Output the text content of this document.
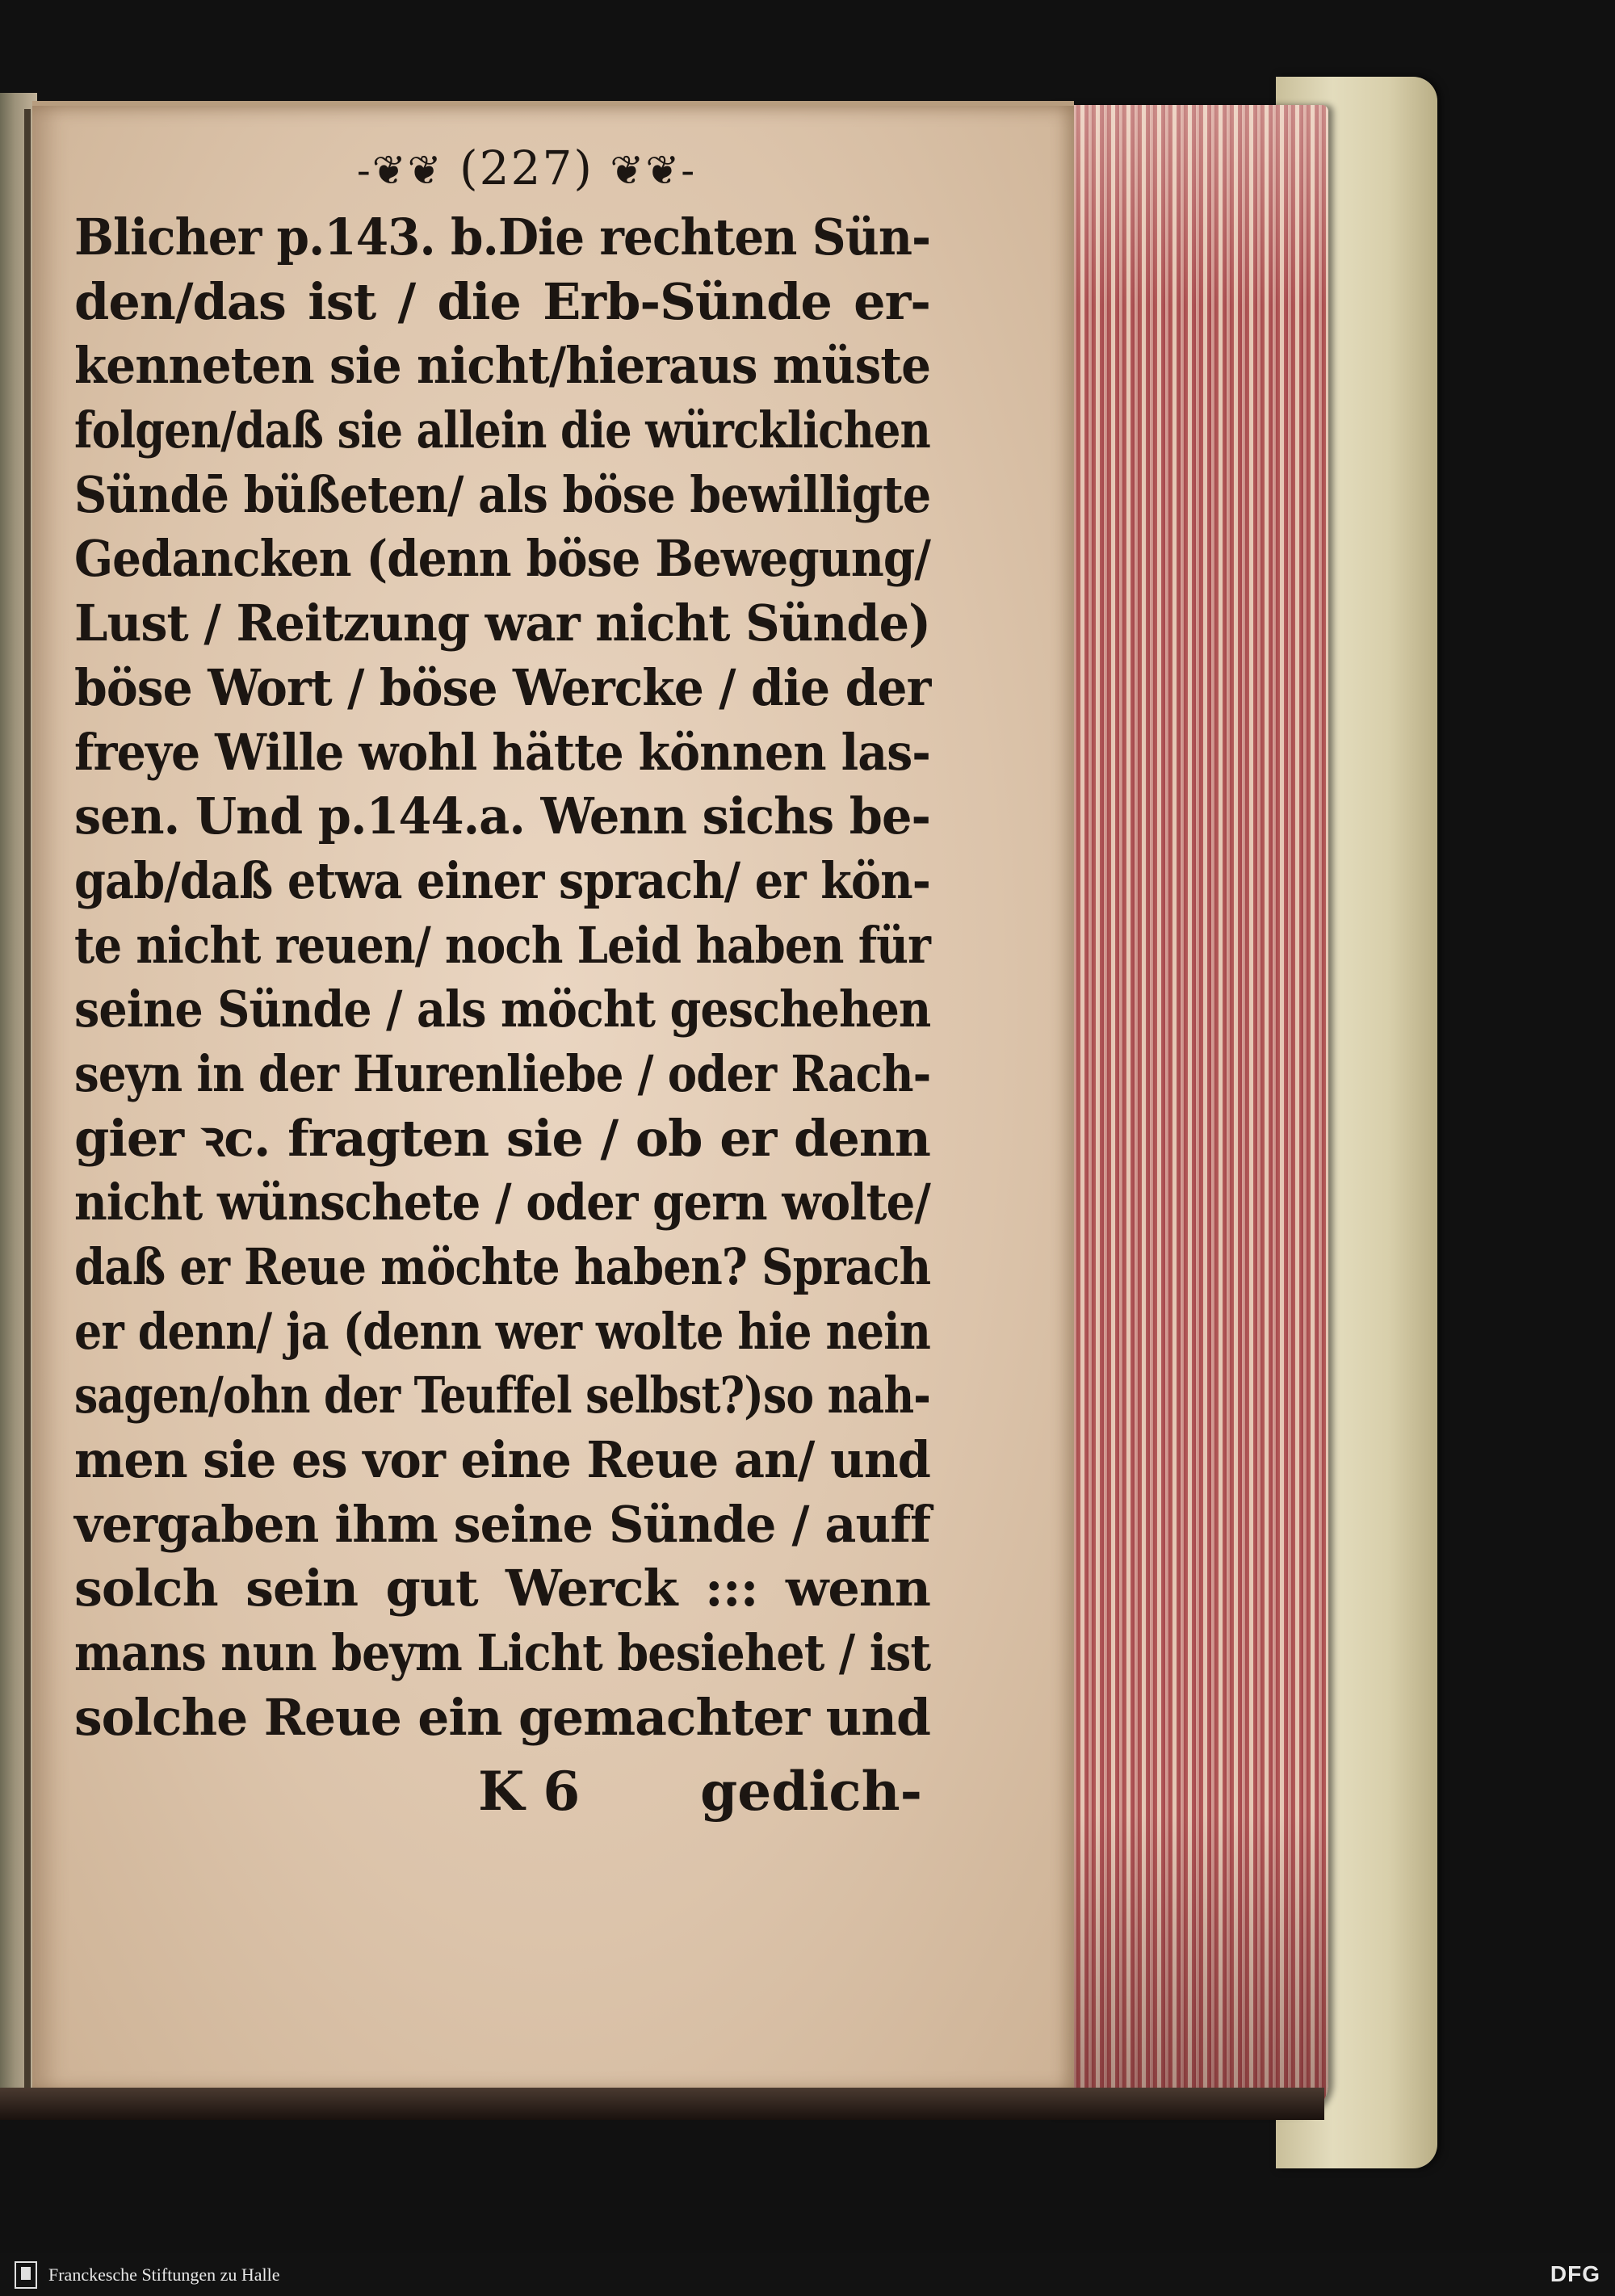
-❦❦ (227) ❦❦-
Blicher p.143. b.Die rechten Sün-
den/das ist / die Erb-Sünde er-
kenneten sie nicht/hieraus müste
folgen/daß sie allein die würcklichen
Sündē büßeten/ als böse bewilligte
Gedancken (denn böse Bewegung/
Lust / Reitzung war nicht Sünde)
böse Wort / böse Wercke / die der
freye Wille wohl hätte können las-
sen. Und p.144.a. Wenn sichs be-
gab/daß etwa einer sprach/ er kön-
te nicht reuen/ noch Leid haben für
seine Sünde / als möcht geschehen
seyn in der Hurenliebe / oder Rach-
gier ꝛc. fragten sie / ob er denn
nicht wünschete / oder gern wolte/
daß er Reue möchte haben? Sprach
er denn/ ja (denn wer wolte hie nein
sagen/ohn der Teuffel selbst?)so nah-
men sie es vor eine Reue an/ und
vergaben ihm seine Sünde / auff
solch sein gut Werck ::: wenn
mans nun beym Licht besiehet / ist
solche Reue ein gemachter und
K 6 gedich-
Franckesche Stiftungen zu Halle	DFG
